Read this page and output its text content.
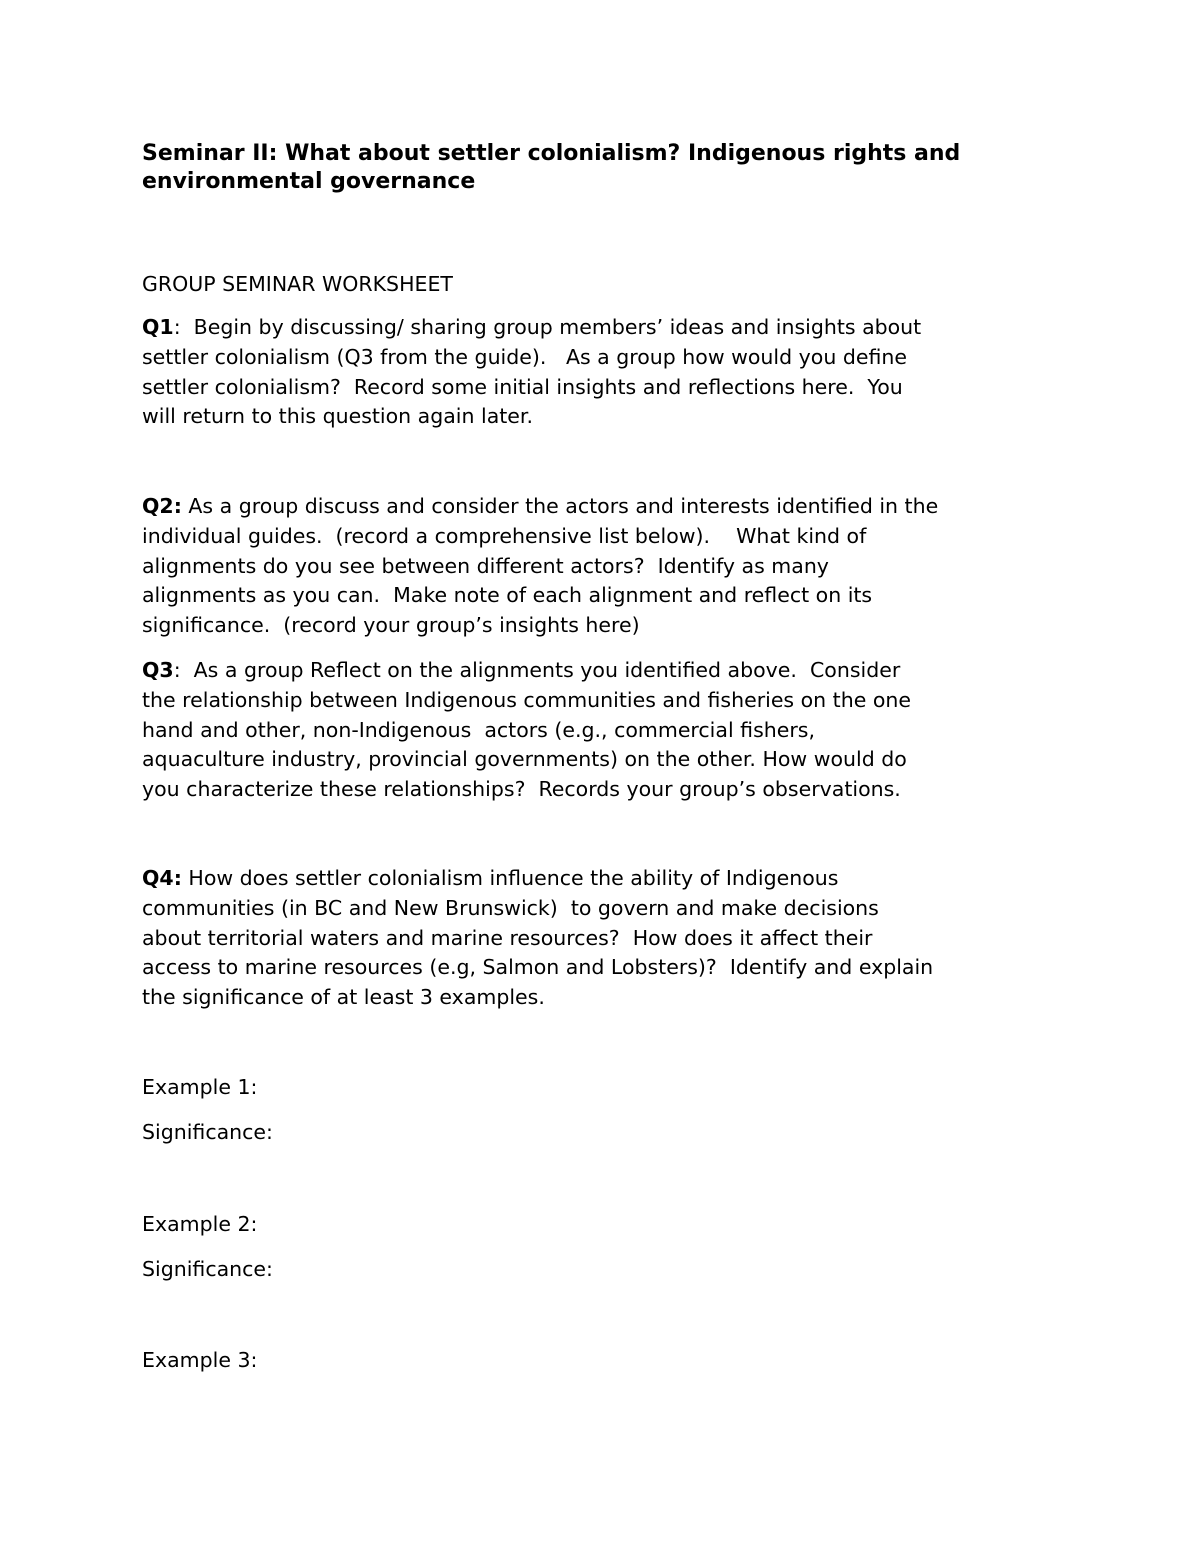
Seminar II: What about settler colonialism? Indigenous rights and
environmental governance
GROUP SEMINAR WORKSHEET
Q1:  Begin by discussing/ sharing group members’ ideas and insights about
settler colonialism (Q3 from the guide).   As a group how would you define
settler colonialism?  Record some initial insights and reflections here.  You
will return to this question again later.
Q2: As a group discuss and consider the actors and interests identified in the
individual guides.  (record a comprehensive list below).    What kind of
alignments do you see between different actors?  Identify as many
alignments as you can.  Make note of each alignment and reflect on its
significance.  (record your group’s insights here)
Q3:  As a group Reflect on the alignments you identified above.  Consider
the relationship between Indigenous communities and fisheries on the one
hand and other, non-Indigenous  actors (e.g., commercial fishers,
aquaculture industry, provincial governments) on the other. How would do
you characterize these relationships?  Records your group’s observations.
Q4: How does settler colonialism influence the ability of Indigenous
communities (in BC and New Brunswick)  to govern and make decisions
about territorial waters and marine resources?  How does it affect their
access to marine resources (e.g, Salmon and Lobsters)?  Identify and explain
the significance of at least 3 examples.
Example 1:
Significance:
Example 2:
Significance:
Example 3:
